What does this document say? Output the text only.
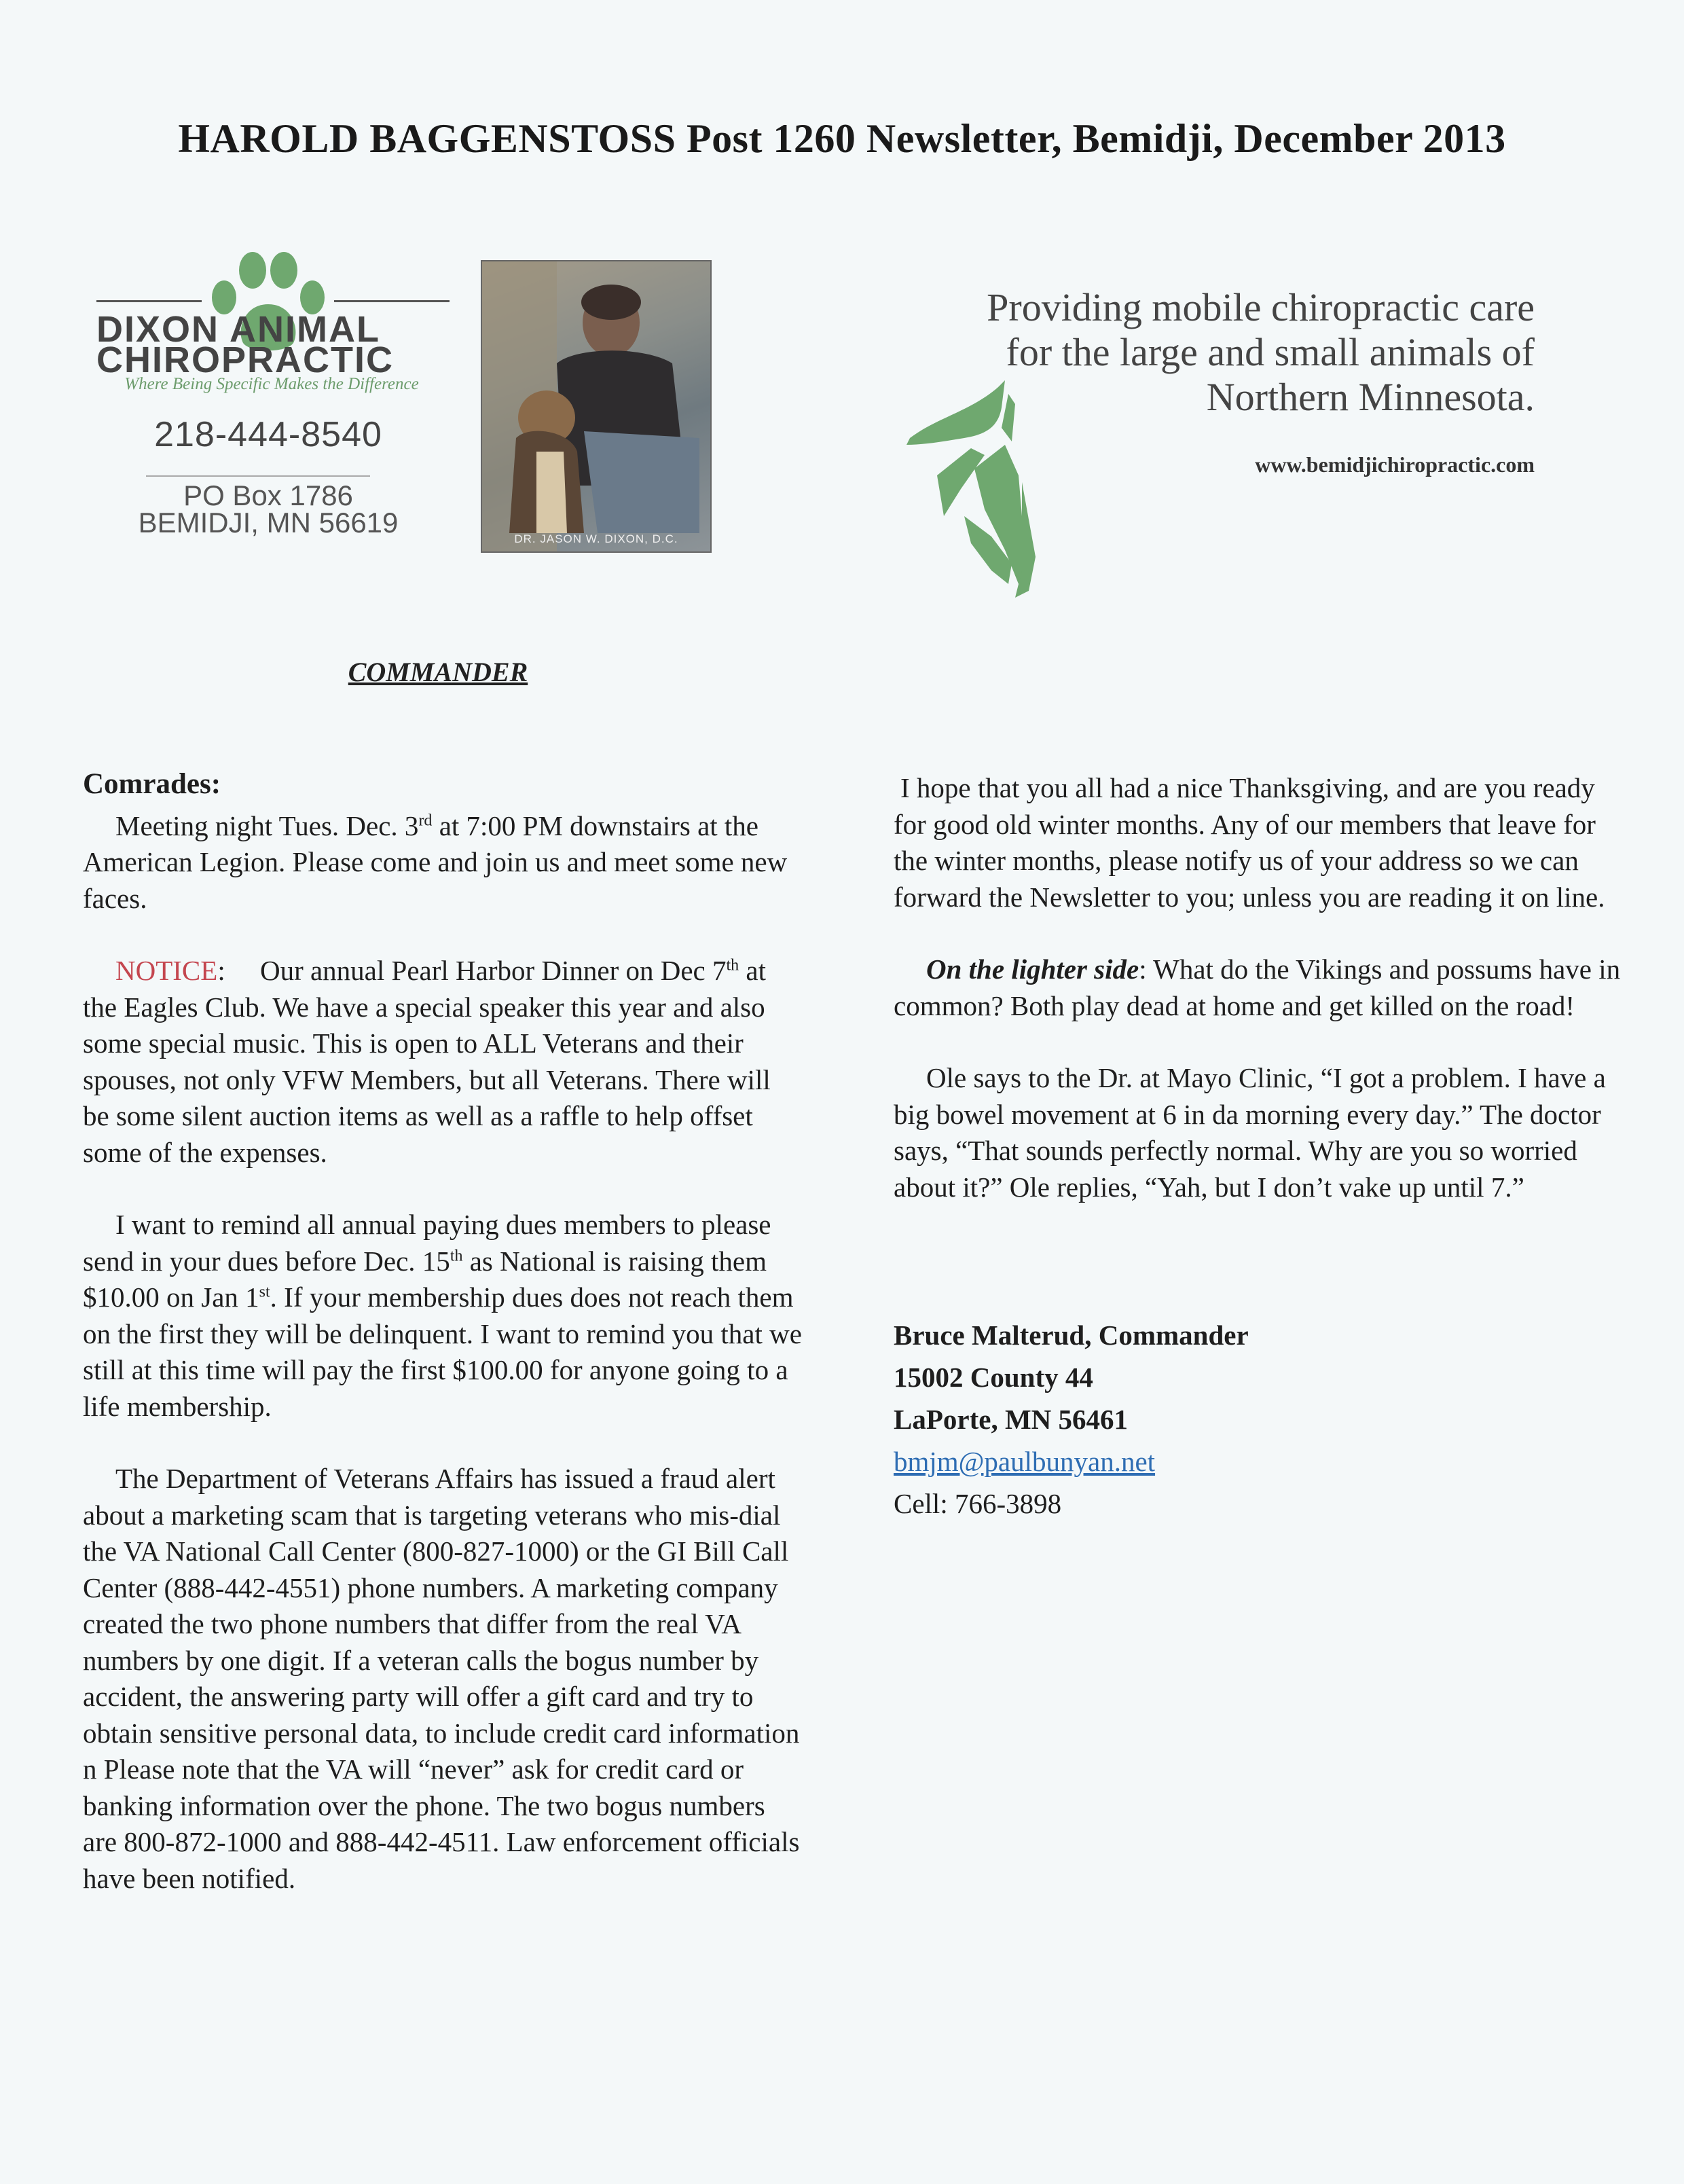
HAROLD BAGGENSTOSS Post 1260 Newsletter, Bemidji, December 2013
DIXON ANIMAL
CHIROPRACTIC
Where Being Specific Makes the Difference
218-444-8540
PO Box 1786
BEMIDJI, MN 56619
DR. JASON W. DIXON, D.C.
Providing mobile chiropractic care
for the large and small animals of
Northern Minnesota.
www.bemidjichiropractic.com
COMMANDER

Comrades:

Meeting night Tues. Dec. 3rd at 7:00 PM downstairs at the American Legion. Please come and join us and meet some new faces.

NOTICE:     Our annual Pearl Harbor Dinner on Dec 7th at the Eagles Club. We have a special speaker this year and also some special music. This is open to ALL Veterans and their spouses, not only VFW Members, but all Veterans. There will be some silent auction items as well as a raffle to help offset some of the expenses.

I want to remind all annual paying dues members to please send in your dues before Dec. 15th as National is raising them $10.00 on Jan 1st. If your membership dues does not reach them on the first they will be delinquent. I want to remind you that we still at this time will pay the first $100.00 for anyone going to a life membership.

The Department of Veterans Affairs has issued a fraud alert about a marketing scam that is targeting veterans who mis-dial the VA National Call Center (800-827-1000) or the GI Bill Call Center (888-442-4551) phone numbers. A marketing company created the two phone numbers that differ from the real VA numbers by one digit. If a veteran calls the bogus number by accident, the answering party will offer a gift card and try to obtain sensitive personal data, to include credit card information n Please note that the VA will “never” ask for credit card or banking information over the phone. The two bogus numbers are 800-872-1000 and 888-442-4511. Law enforcement officials have been notified.

I hope that you all had a nice Thanksgiving, and are you ready for good old winter months. Any of our members that leave for the winter months, please notify us of your address so we can forward the Newsletter to you; unless you are reading it on line.

On the lighter side: What do the Vikings and possums have in common? Both play dead at home and get killed on the road!

Ole says to the Dr. at Mayo Clinic, “I got a problem. I have a big bowel movement at 6 in da morning every day.” The doctor says, “That sounds perfectly normal. Why are you so worried about it?” Ole replies, “Yah, but I don’t vake up until 7.”

Bruce Malterud, Commander
15002 County 44
LaPorte, MN 56461
bmjm@paulbunyan.net
Cell: 766-3898
